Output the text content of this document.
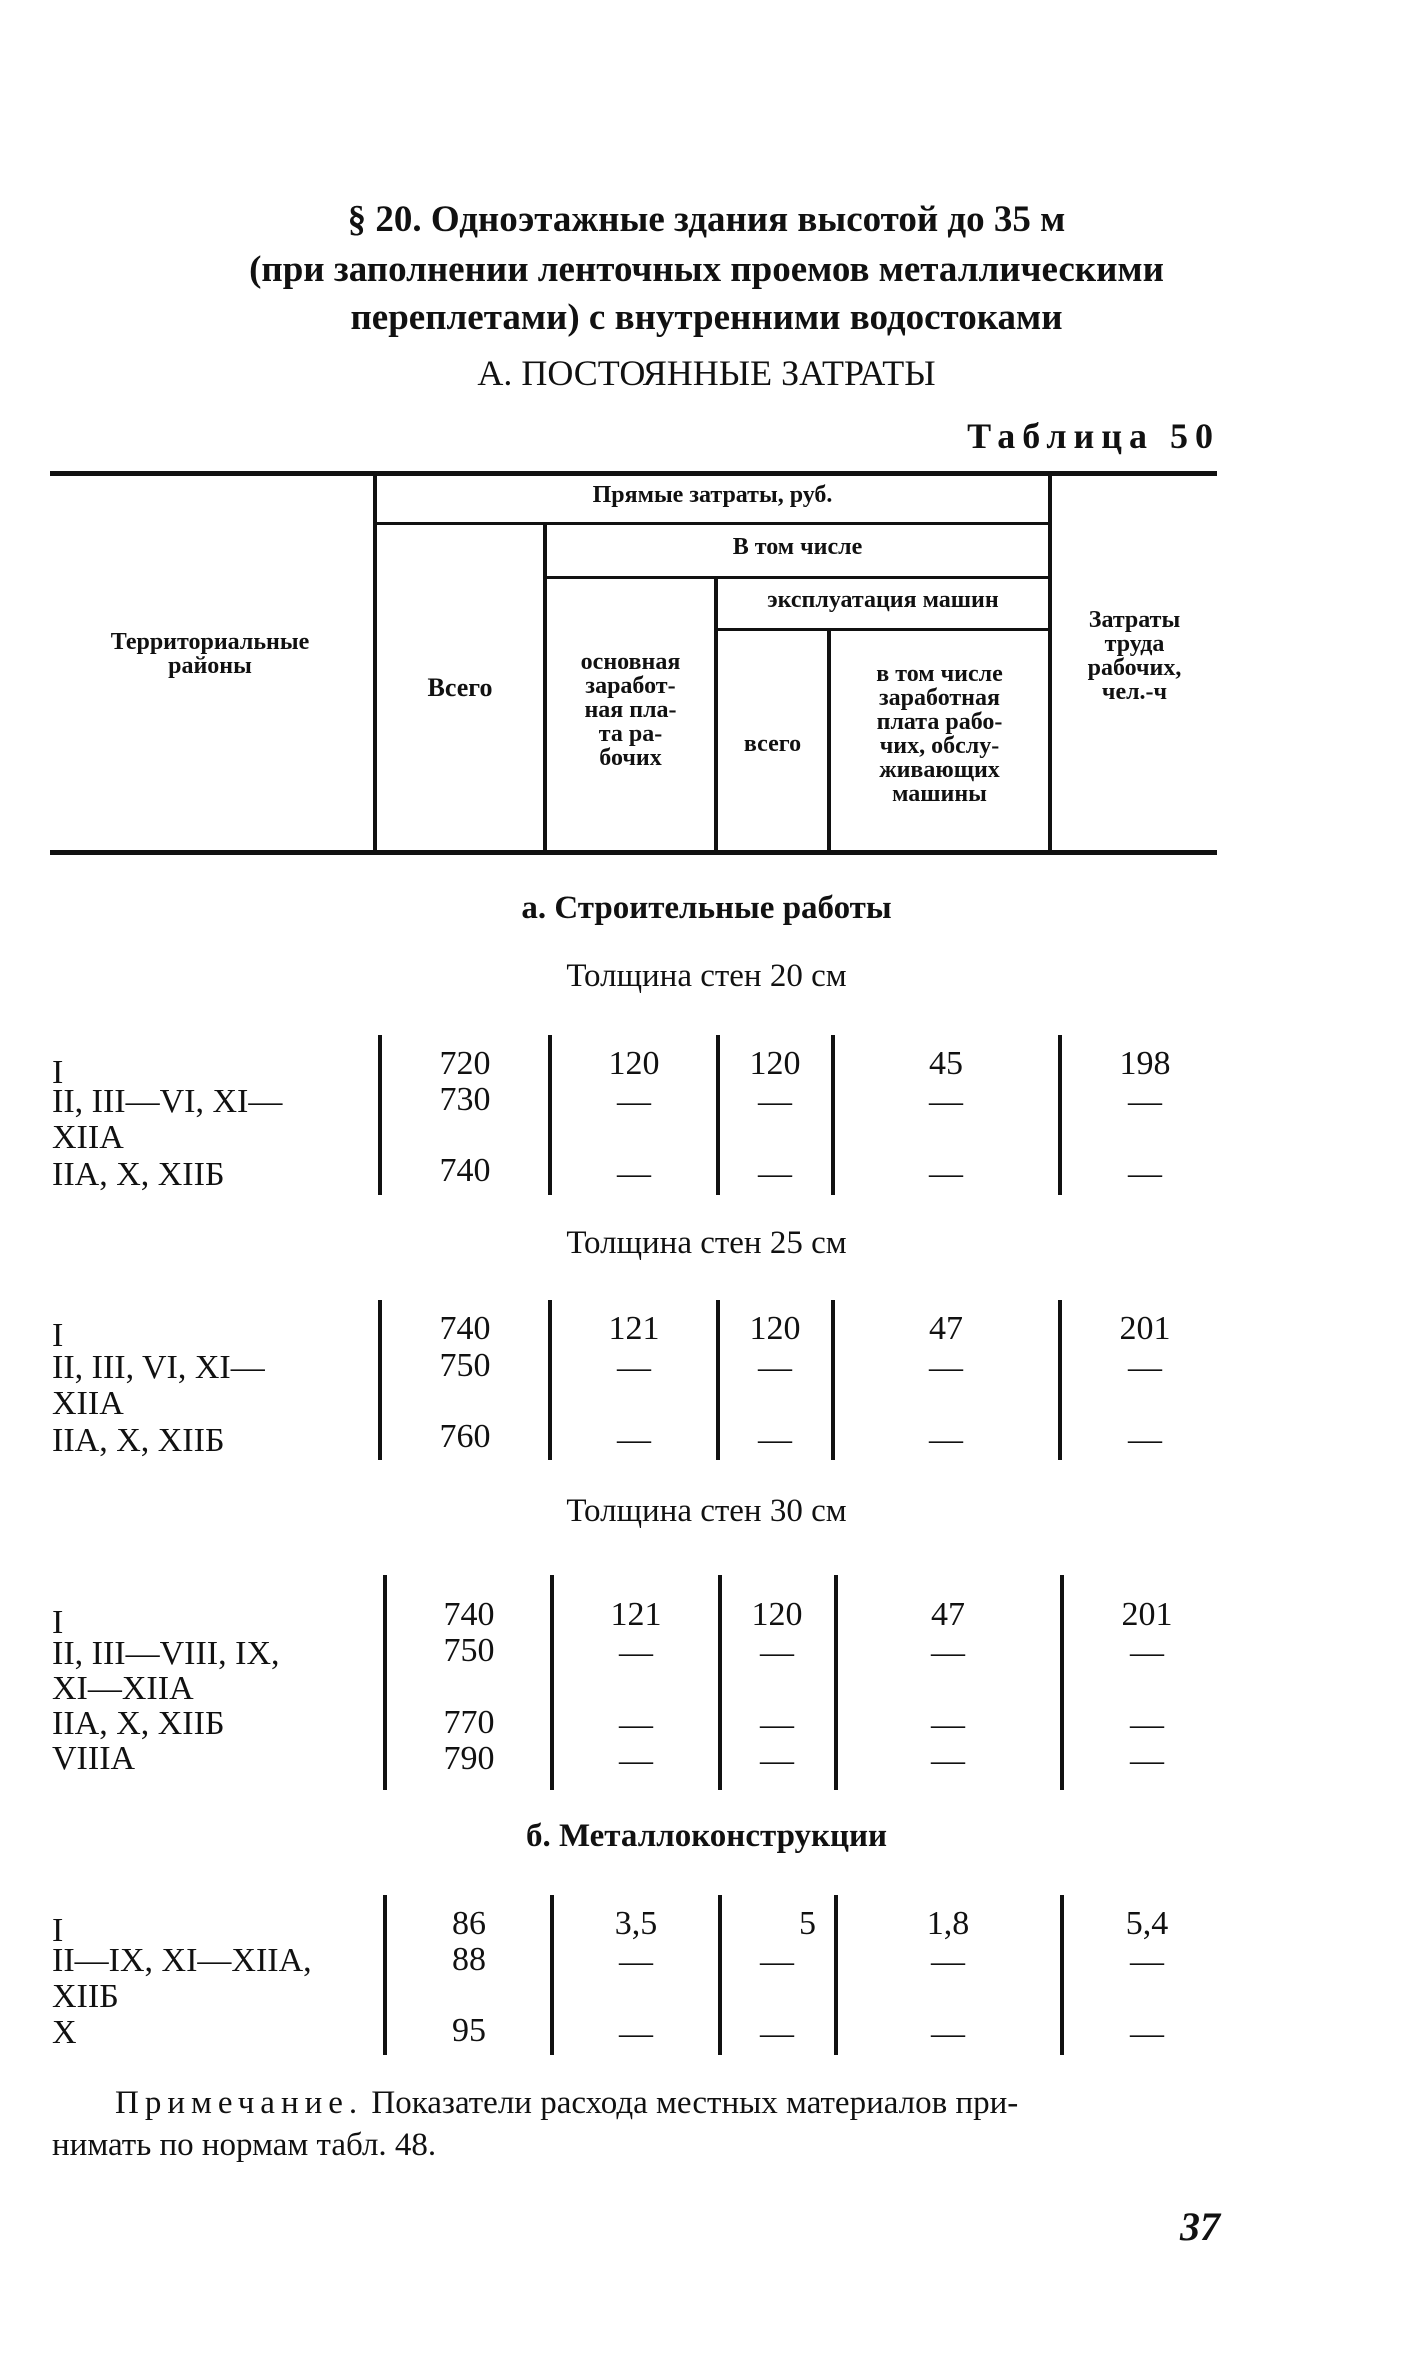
§ 20. Одноэтажные здания высотой до 35 м
(при заполнении ленточных проемов металлическими
переплетами) с внутренними водостоками
А. ПОСТОЯННЫЕ ЗАТРАТЫ
Таблица 50
Территориальные районы
Прямые затраты, руб.
Всего
В том числе
основная
заработ-
ная пла-
та ра-
бочих
эксплуатация машин
всего
в том числе
заработная
плата рабо-
чих, обслу-
живающих
машины
Затраты
труда
рабочих,
чел.-ч
а. Строительные работы
Толщина стен 20 см
I
II, III—VI, XI—
XIIA
IIA, X, XIIБ
720
730
740
120
—
—
120
—
—
45
—
—
198
—
—
Толщина стен 25 см
I
II, III, VI, XI—
XIIA
IIA, X, XIIБ
740
750
760
121
—
—
120
—
—
47
—
—
201
—
—
Толщина стен 30 см
I
II, III—VIII, IX,
XI—XIIA
IIA, X, XIIБ
VIIIA
740
750
770
790
121
—
—
—
120
—
—
—
47
—
—
—
201
—
—
—
б. Металлоконструкции
I
II—IX, XI—XIIA,
XIIБ
X
86
88
95
3,5
—
—
5
—
—
1,8
—
—
5,4
—
—
Примечание. Показатели расхода местных материалов при-
нимать по нормам табл. 48.
37
